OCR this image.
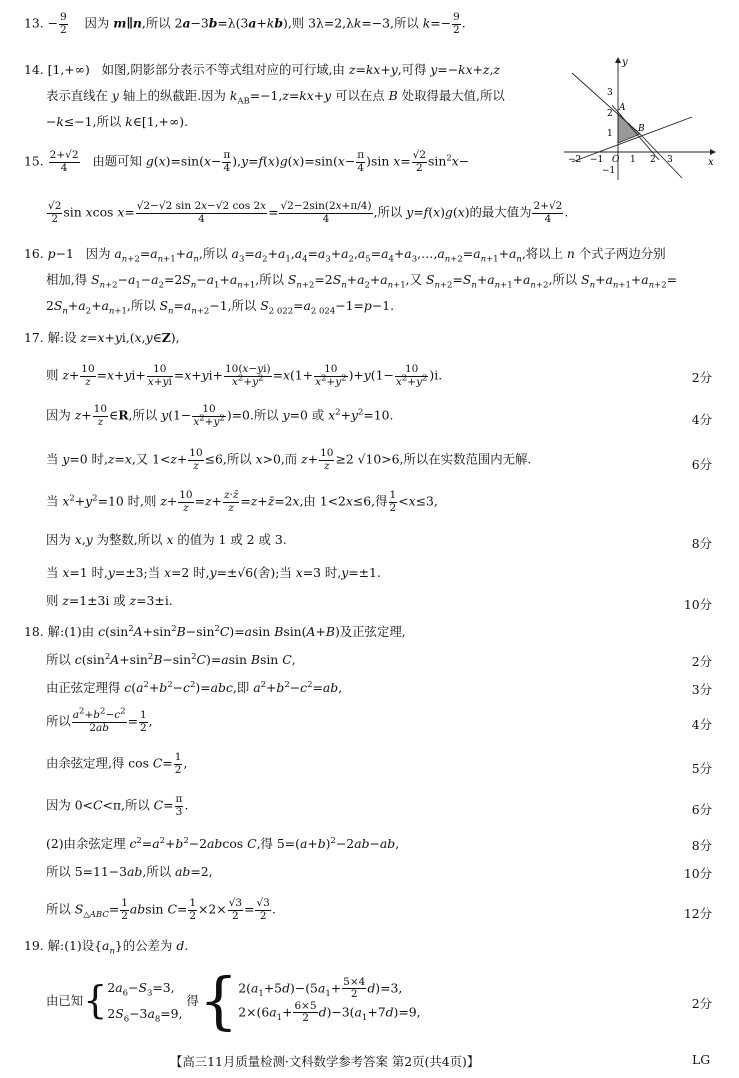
13. − $\frac{9}{2}$ 因为 m∥n,所以 2a−3b=λ(3a+kb),则 3λ=2,λk=−3,所以 $k=- \frac{9}{2}$ .
14. [1,+∞)   如图,阴影部分表示不等式组对应的可行域,由 z=kx+y,可得 y=−kx+z,z
表示直线在 y 轴上的纵截距.因为 $k_{AB}=-1,z=kx+y$ 可以在点 B 处取得最大值,所以
−k≤−1,所以 k∈[1,+∞).
y
x
3
2
1
−1
−2 −1 O 1 2 3
A
B
15. $\frac{2+√2}{4}$ 由题可知 $g(x)=\sin(x- \frac{\pi}{4} ),y=f(x)g(x)=\sin(x- \frac{\pi}{4} )\sin$ $x= \frac{√2}{2} \sin^2x-$
$\frac{√2}{2}$ sin xcos $x= \frac{√2-√2 \sin 2x-√2 \cos 2x}{4} = \frac{√2-2\sin(2x+\pi/4)}{4}$ ,所以 y=f(x)g(x)的最大值为 $\frac{2+√2}{4}$ .
16. p−1   因为 $a_{n+2}=a_{n+1}+a_n$,所以 $a_3=a_2+a_1,a_4=a_3+a_2,a_5=a_4+a_3,\dots,a_{n+2}=a_{n+1}+a_n$,将以上 n 个式子两边分别
相加,得 $S_{n+2}-a_1-a_2=2S_n-a_1+a_{n+1}$,所以 $S_{n+2}=2S_n+a_2+a_{n+1}$,又 $S_{n+2}=S_n+a_{n+1}+a_{n+2}$,所以 $S_n+a_{n+1}+a_{n+2}=$
$2S_n+a_2+a_{n+1}$,所以 $S_n=a_{n+2}-1$,所以 $S_{2 022}=a_{2 024}-1=p-1$.
17. 解:设 z=x+yi,(x,y∈Z),
则 $z+ \frac{10}{z} =x+yi+ \frac{10}{x+yi} =x+yi+ \frac{10(x-yi)}{x^2+y^2} =x(1+ \frac{10}{x^2+y^2} )+y(1- \frac{10}{x^2+y^2} )i$.	2分
因为 $z+ \frac{10}{z}$ ∈R,所以 $y(1- \frac{10}{x^2+y^2} )=0$.所以 y=0 或 $x^2+y^2=10$.	4分
当 y=0 时,z=x,又 $1<z+ \frac{10}{z} \le 6$,所以 x>0,而 $z+ \frac{10}{z} \ge 2$ √10>6,所以在实数范围内无解.	6分
当 $x^2+y^2=10$ 时,则 $z+ \frac{10}{z} =z+ \frac{z\cdot z̄}{z}$ =z+z̄=2x,由 1<2x≤6,得 $\frac{1}{2} <x\le 3$,
因为 x,y 为整数,所以 x 的值为 1 或 2 或 3.	8分
当 x=1 时,y=±3;当 x=2 时,y=±√6(舍);当 x=3 时,y=±1.
则 z=1±3i 或 z=3±i.	10分
18. 解:(1)由 $c(\sin^2A+\sin^2B-\sin^2C)=asin$ Bsin(A+B)及正弦定理,
所以 $c(\sin^2A+\sin^2B-\sin^2C)=asin$ Bsin C,	2分
由正弦定理得 $c(a^2+b^2-c^2)=abc$,即 $a^2+b^2-c^2=ab$,	3分
所以 $\frac{a^2+b^2-c^2}{2ab} = \frac{1}{2}$ ,	4分
由余弦定理,得 $\cos C= \frac{1}{2}$ ,	5分
因为 0<C<π,所以 $C= \frac{\pi}{3}$ .	6分
(2)由余弦定理 $c^2=a^2+b^2-2abcos$ C,得 $5=(a+b)^2-2ab-ab$,	8分
所以 5=11−3ab,所以 ab=2,	10分
所以 $S_{\triangle ABC}= \frac{1}{2}$ absin $C= \frac{1}{2} \times 2\times \frac{√3}{2} = \frac{√3}{2}$ .	12分
19. 解:(1)设$\{a_n\}$的公差为 d.
由已知{$2a_6-S_3=3$,
$2S_6-3a_8=9$, 得{$2(a_1+5d)-(5a_1+ \frac{5\times 4}{2} d)=3$,
$2\times(6a_1+ \frac{6\times 5}{2} d)-3(a_1+7d)=9$,
2分
【高三11月质量检测·文科数学参考答案 第2页(共4页)】	LG
